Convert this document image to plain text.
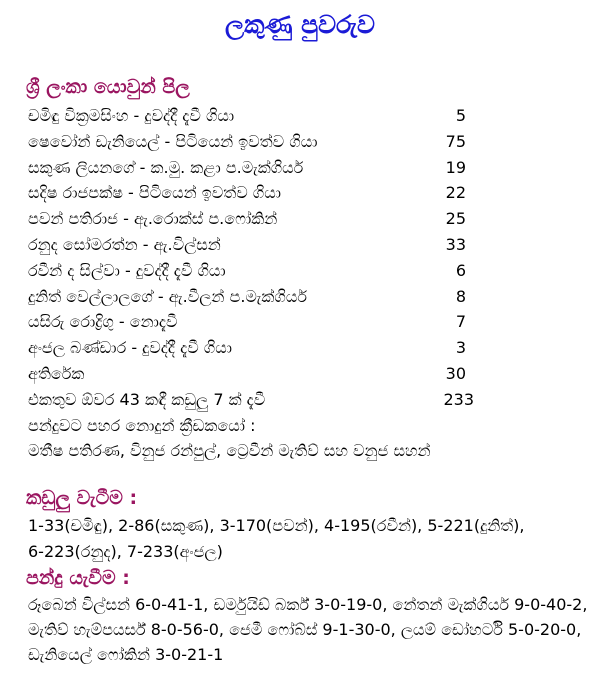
ලකුණු පුවරුව
ශ්‍රී ලංකා යොවුන් පිල
චමිඳු වික්‍රමසිංහ - දුවද්දී දැවී ගියා	5
ෂෙවෝන් ඩැනියෙල් - පිටියෙන් ඉවත්ව ගියා	75
සකුණ ලියනගේ - ක.මු. කළා ප.මැක්ගියර්	19
සදිෂ රාජපක්ෂ - පිටියෙන් ඉවත්ව ගියා	22
පවන් පතිරාජ - ඇ.රොක්ස් ප.ෆෝකින්	25
රනුද සෝමරත්න - ඇ.විල්සන්	33
රවීන් ද සිල්වා - දුවද්දී දැවී ගියා	6
දුනිත් වෙල්ලාලගේ - ඇ.වීලන් ප.මැක්ගියර්	8
යසිරු රොද්‍රිගු - නොදැවී	7
අංජල බණ්ඩාර - දුවද්දී දැවී ගියා	3
අතිරේක	30
එකතුව ඕවර 43 කඳී කඩුලු 7 ක් දැවී	233
පන්දුවට පහර නොදුන් ක්‍රීඩකයෝ :
මතීෂ පතිරණ, විනුජ රන්පුල්, ට්‍රෙවීන් මැතිව් සහ වනුජ සහන්
කඩුලු වැටීම :
1-33(චමිඳු), 2-86(සකුණ), 3-170(පවන්), 4-195(රවීන්), 5-221(දුනිත්),
6-223(රනුද), 7-233(අංජල)
පන්දු යැවීම :
රූබෙන් විල්සන් 6-0-41-1, ඩර්මුයිඩ් බර්ක් 3-0-19-0, නේතන් මැක්ගියර් 9-0-40-2, මැතිව් හැම්පයර්ස් 8-0-56-0, ජෙමී ෆෝබ්ස් 9-1-30-0, ලයම් ඩෝහර්ටි 5-0-20-0, ඩැනියෙල් ෆෝකින් 3-0-21-1
